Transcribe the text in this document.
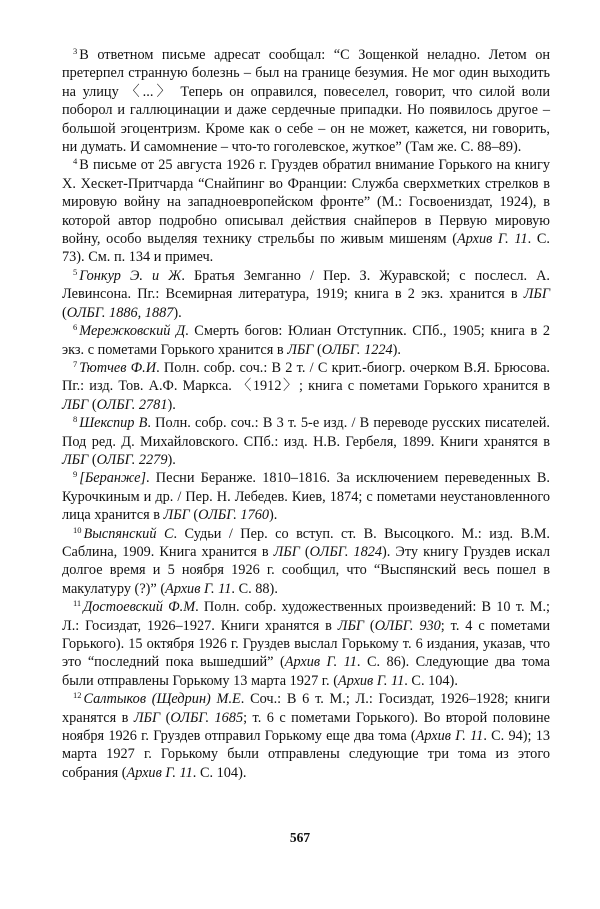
$^3$ В ответном письме адресат сообщал: “С Зощенкой неладно. Летом он претерпел странную болезнь – был на границе безумия. Не мог один выходить на улицу 〈...〉 Теперь он оправился, повеселел, говорит, что силой воли поборол и галлюцинации и даже сердечные припадки. Но появилось другое – большой эгоцентризм. Кроме как о себе – он не может, кажется, ни говорить, ни думать. И самомнение – что-то гоголевское, жуткое” (Там же. С. 88–89).

$^4$ В письме от 25 августа 1926 г. Груздев обратил внимание Горького на книгу Х. Хескет-Притчарда “Снайпинг во Франции: Служба сверхметких стрелков в мировую войну на западноевропейском фронте” (М.: Госвоениздат, 1924), в которой автор подробно описывал действия снайперов в Первую мировую войну, особо выделяя технику стрельбы по живым мишеням (Архив Г. 11. С. 73). См. п. 134 и примеч.

$^5$ Гонкур Э. и Ж. Братья Земганно / Пер. З. Журавской; с послесл. А. Левинсона. Пг.: Всемирная литература, 1919; книга в 2 экз. хранится в ЛБГ (ОЛБГ. 1886, 1887).

$^6$ Мережковский Д. Смерть богов: Юлиан Отступник. СПб., 1905; книга в 2 экз. с пометами Горького хранится в ЛБГ (ОЛБГ. 1224).

$^7$ Тютчев Ф.И. Полн. собр. соч.: В 2 т. / С крит.-биогр. очерком В.Я. Брюсова. Пг.: изд. Тов. А.Ф. Маркса. 〈1912〉; книга с пометами Горького хранится в ЛБГ (ОЛБГ. 2781).

$^8$ Шекспир В. Полн. собр. соч.: В 3 т. 5-е изд. / В переводе русских писателей. Под ред. Д. Михайловского. СПб.: изд. Н.В. Гербеля, 1899. Книги хранятся в ЛБГ (ОЛБГ. 2279).

$^9$ [Беранже]. Песни Беранже. 1810–1816. За исключением переведенных В. Курочкиным и др. / Пер. Н. Лебедев. Киев, 1874; с пометами неустановленного лица хранится в ЛБГ (ОЛБГ. 1760).

$^{10}$ Выспянский С. Судьи / Пер. со вступ. ст. В. Высоцкого. М.: изд. В.М. Саблина, 1909. Книга хранится в ЛБГ (ОЛБГ. 1824). Эту книгу Груздев искал долгое время и 5 ноября 1926 г. сообщил, что “Выспянский весь пошел в макулатуру (?)” (Архив Г. 11. С. 88).

$^{11}$ Достоевский Ф.М. Полн. собр. художественных произведений: В 10 т. М.; Л.: Госиздат, 1926–1927. Книги хранятся в ЛБГ (ОЛБГ. 930; т. 4 с пометами Горького). 15 октября 1926 г. Груздев выслал Горькому т. 6 издания, указав, что это “последний пока вышедший” (Архив Г. 11. С. 86). Следующие два тома были отправлены Горькому 13 марта 1927 г. (Архив Г. 11. С. 104).

$^{12}$ Салтыков (Щедрин) М.Е. Соч.: В 6 т. М.; Л.: Госиздат, 1926–1928; книги хранятся в ЛБГ (ОЛБГ. 1685; т. 6 с пометами Горького). Во второй половине ноября 1926 г. Груздев отправил Горькому еще два тома (Архив Г. 11. С. 94); 13 марта 1927 г. Горькому были отправлены следующие три тома из этого собрания (Архив Г. 11. С. 104).

567
